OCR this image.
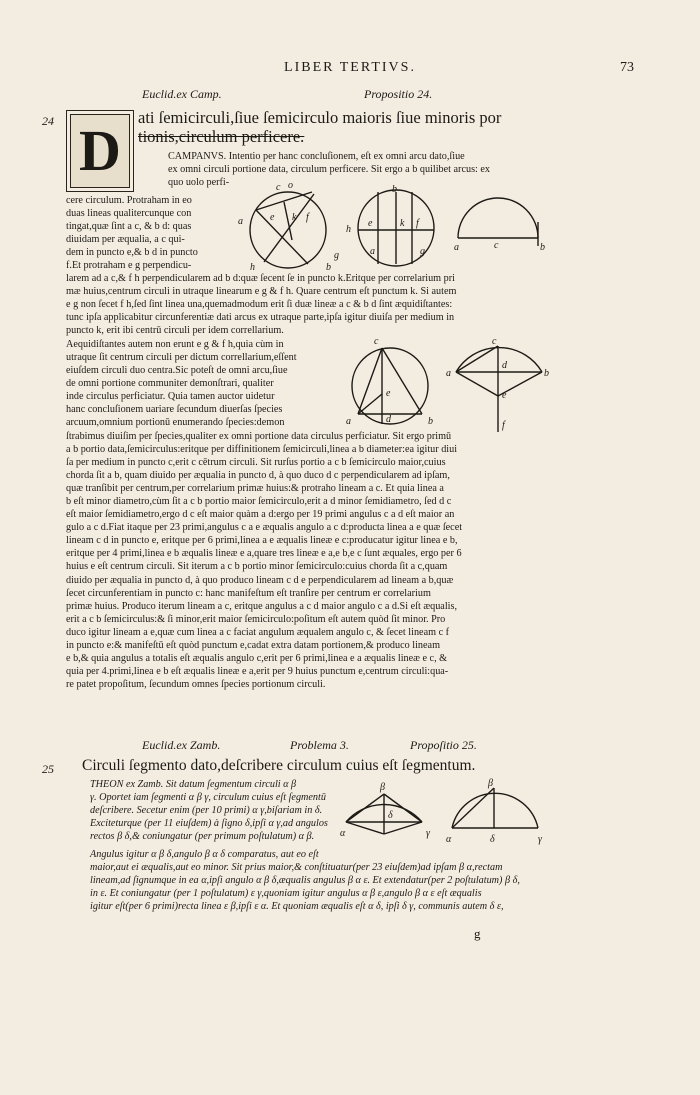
LIBER TERTIVS.	73
Euclid.ex Camp.	Propositio 24.
24 D
ati ſemicirculi,ſiue ſemicirculo maioris ſiue minoris por
tionis,circulum perficere.
CAMPANVS. Intentio per hanc concluſionem, eſt ex omni arcu dato,ſiue
ex omni circuli portione data, circulum perficere. Sit ergo a b quilibet arcus: ex
quo uolo perfi-
cere circulum. Protraham in eo
duas lineas qualitercunque con
tingat,quæ ſint a c, & b d: quas
diuidam per æqualia, a c qui-
dem in puncto e,& b d in puncto
f.Et protraham e g perpendicu-
c o
e k f
a
h	b
g
b
h
e	k f
a	g	a	c	b
larem ad a c,& f h perpendicularem ad b d:quæ ſecent ſe in puncto k.Eritque per correlarium pri
mæ huius,centrum circuli in utraque linearum e g & f h. Quare centrum eſt punctum k. Si autem
e g non ſecet f h,ſed ſint linea una,quemadmodum erit ſi duæ lineæ a c & b d ſint æquidiſtantes:
tunc ipſa applicabitur circunferentiæ dati arcus ex utraque parte,ipſa igitur diuiſa per medium in
puncto k, erit ibi centrū circuli per idem correllarium.
Aequidiſtantes autem non erunt e g & f h,quia cùm in
utraque ſit centrum circuli per dictum correllarium,eſſent
eiuſdem circuli duo centra.Sic poteſt de omni arcu,ſiue
de omni portione communiter demonſtrari, qualiter
inde circulus perficiatur. Quia tamen auctor uidetur
hanc concluſionem uariare ſecundum diuerſas ſpecies
arcuum,omnium portionū enumerando ſpecies:demon
c
a
e
d	b
c
a
d
e
b
f
ſtrabimus diuiſim per ſpecies,qualiter ex omni portione data circulus perficiatur. Sit ergo primū
a b portio data,ſemicirculus:eritque per diffinitionem ſemicirculi,linea a b diameter:ea igitur diui
ſa per medium in puncto c,erit c cētrum circuli. Sit rurſus portio a c b ſemicirculo maior,cuius
chorda ſit a b, quam diuido per æqualia in puncto d, à quo duco d c perpendicularem ad ipſam,
quæ tranſibit per centrum,per correlarium primæ huius:& protraho lineam a c. Et quia linea a
b eſt minor diametro,cùm ſit a c b portio maior ſemicirculo,erit a d minor ſemidiametro, ſed d c
eſt maior ſemidiametro,ergo d c eſt maior quàm a d:ergo per 19 primi angulus c a d eſt maior an
gulo a c d.Fiat itaque per 23 primi,angulus c a e æqualis angulo a c d:producta linea a e quæ ſecet
lineam c d in puncto e, eritque per 6 primi,linea a e æqualis lineæ e c:producatur igitur linea e b,
eritque per 4 primi,linea e b æqualis lineæ e a,quare tres lineæ e a,e b,e c ſunt æquales, ergo per 6
huius e eſt centrum circuli. Sit iterum a c b portio minor ſemicirculo:cuius chorda ſit a c,quam
diuido per æqualia in puncto d, à quo produco lineam c d e perpendicularem ad lineam a b,quæ
ſecet circunferentiam in puncto c: hanc manifeſtum eſt tranſire per centrum er correlarium
primæ huius. Produco iterum lineam a c, eritque angulus a c d maior angulo c a d.Si eſt æqualis,
erit a c b ſemicirculus:& ſi minor,erit maior ſemicirculo:poſitum eſt autem quòd ſit minor. Pro
duco igitur lineam a e,quæ cum linea a c faciat angulum æqualem angulo c, & ſecet lineam c f
in puncto e:& manifeſtū eſt quòd punctum e,cadat extra datam portionem,& produco lineam
e b,& quia angulus a totalis eſt æqualis angulo c,erit per 6 primi,linea e a æqualis lineæ e c, &
quia per 4.primi,linea e b eſt æqualis lineæ e a,erit per 9 huius punctum e,centrum circuli:qua-
re patet propoſitum, ſecundum omnes ſpecies portionum circuli.
Euclid.ex Zamb.	Problema 3.	Propoſitio 25.
25 Circuli ſegmento dato,deſcribere circulum cuius eſt ſegmentum.
THEON ex Zamb. Sit datum ſegmentum circuli α β
γ. Oportet iam ſegmenti α β γ, circulum cuius eſt ſegmentū
deſcribere. Secetur enim (per 10 primi) α γ,biſariam in δ.
Exciteturque (per 11 eiuſdem) à ſigno δ,ipſi α γ,ad angulos
rectos β δ,& coniungatur (per primum poſtulatum) α β.
β
α
δ
γ
β
α	δ	γ
Angulus igitur α β δ,angulo β α δ comparatus, aut eo eſt
maior,aut ei æqualis,aut eo minor. Sit prius maior,& conſtituatur(per 23 eiuſdem)ad ipſam β α,rectam
lineam,ad ſignumque in ea α,ipſi angulo α β δ,æqualis angulus β α ε. Et extendatur(per 2 poſtulatum) β δ,
in ε. Et coniungatur (per 1 poſtulatum) ε γ,quoniam igitur angulus α β ε,angulo β α ε eſt æqualis
igitur eſt(per 6 primi)recta linea ε β,ipſi ε α. Et quoniam æqualis eſt α δ, ipſi δ γ, communis autem δ ε,
g
